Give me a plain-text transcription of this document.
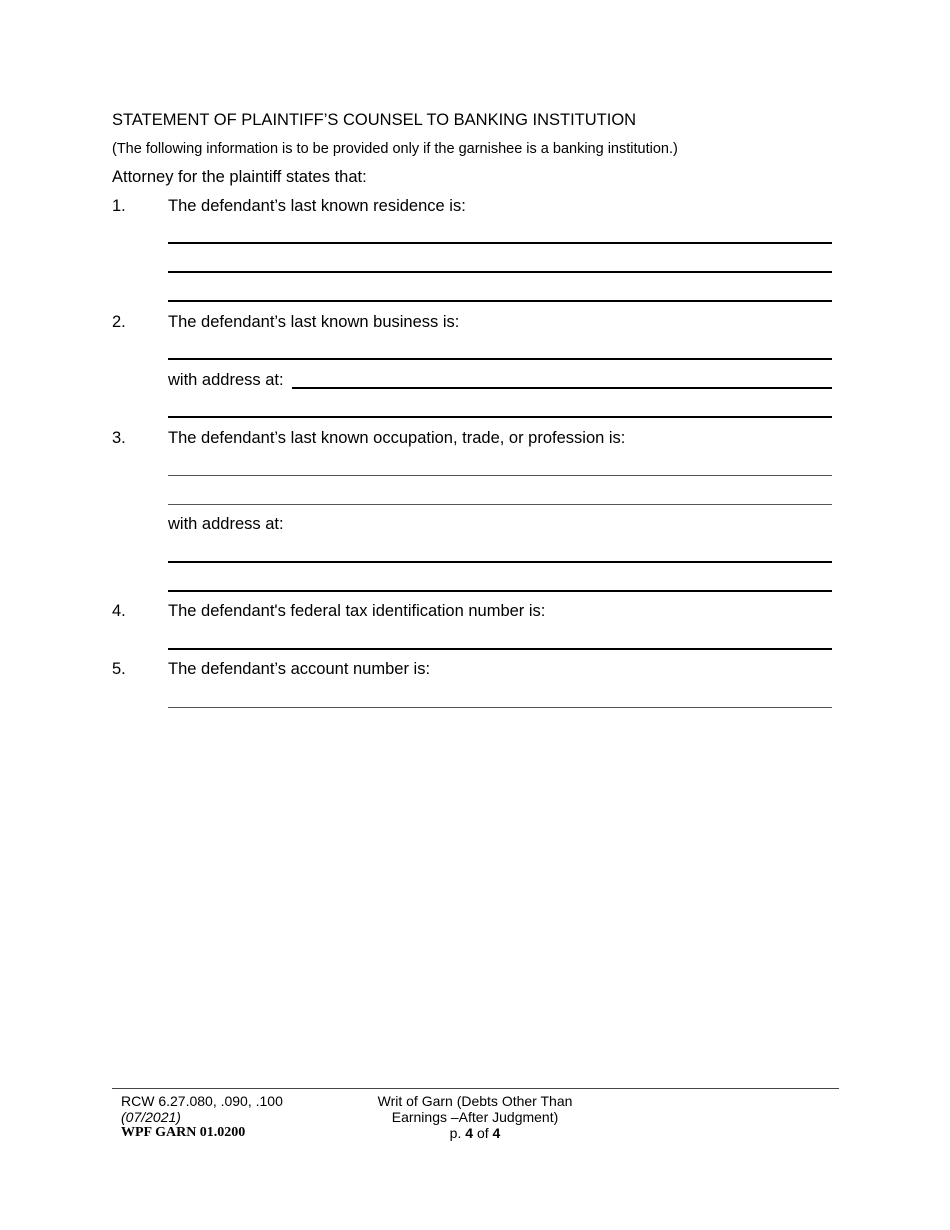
STATEMENT OF PLAINTIFF’S COUNSEL TO BANKING INSTITUTION
(The following information is to be provided only if the garnishee is a banking institution.)
Attorney for the plaintiff states that:
1.	The defendant’s last known residence is:
2.	The defendant’s last known business is:
with address at:
3.	The defendant’s last known occupation, trade, or profession is:
with address at:
4.	The defendant's federal tax identification number is:
5.	The defendant’s account number is:
RCW 6.27.080, .090, .100
(07/2021)
WPF GARN 01.0200
Writ of Garn (Debts Other Than
Earnings –After Judgment)
p. 4 of 4
